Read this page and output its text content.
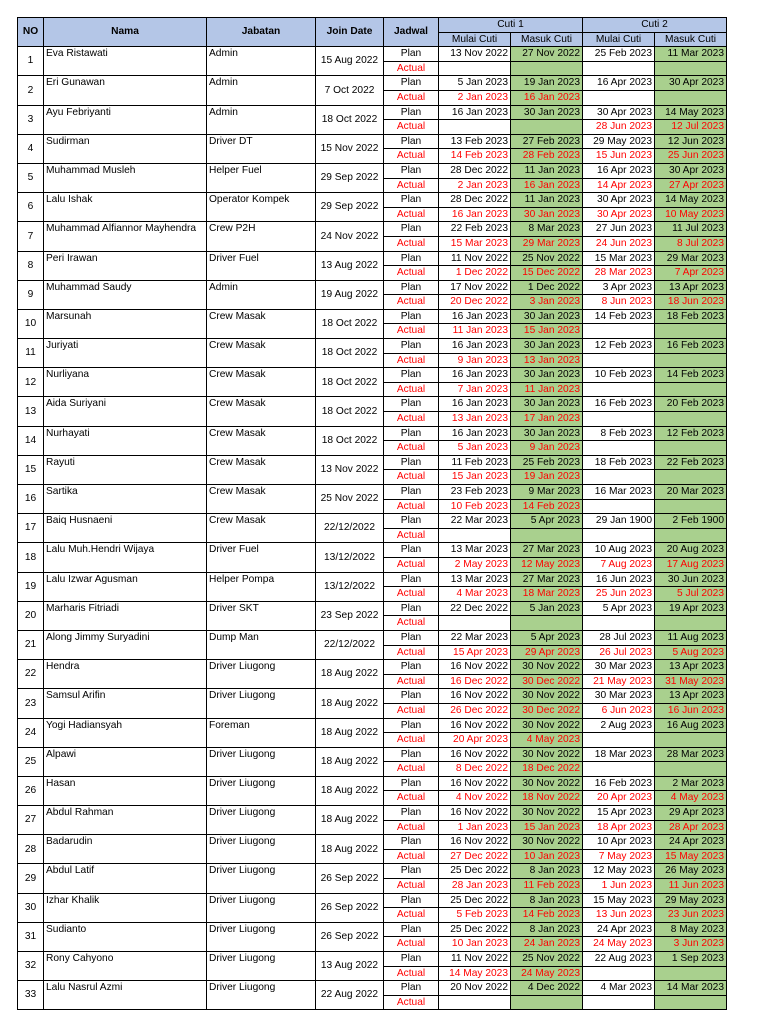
NO	Nama	Jabatan	Join Date	Jadwal	Cuti 1		Cuti 2	
					Mulai Cuti	Masuk Cuti	Mulai Cuti	Masuk Cuti
1	Eva Ristawati	Admin	15 Aug 2022	Plan	13 Nov 2022	27 Nov 2022	25 Feb 2023	11 Mar 2023
				Actual				
2	Eri Gunawan	Admin	7 Oct 2022	Plan	5 Jan 2023	19 Jan 2023	16 Apr 2023	30 Apr 2023
				Actual	2 Jan 2023	16 Jan 2023		
3	Ayu Febriyanti	Admin	18 Oct 2022	Plan	16 Jan 2023	30 Jan 2023	30 Apr 2023	14 May 2023
				Actual			28 Jun 2023	12 Jul 2023
4	Sudirman	Driver DT	15 Nov 2022	Plan	13 Feb 2023	27 Feb 2023	29 May 2023	12 Jun 2023
				Actual	14 Feb 2023	28 Feb 2023	15 Jun 2023	25 Jun 2023
5	Muhammad Musleh	Helper Fuel	29 Sep 2022	Plan	28 Dec 2022	11 Jan 2023	16 Apr 2023	30 Apr 2023
				Actual	2 Jan 2023	16 Jan 2023	14 Apr 2023	27 Apr 2023
6	Lalu Ishak	Operator Kompek	29 Sep 2022	Plan	28 Dec 2022	11 Jan 2023	30 Apr 2023	14 May 2023
				Actual	16 Jan 2023	30 Jan 2023	30 Apr 2023	10 May 2023
7	Muhammad Alfiannor Mayhendra	Crew P2H	24 Nov 2022	Plan	22 Feb 2023	8 Mar 2023	27 Jun 2023	11 Jul 2023
				Actual	15 Mar 2023	29 Mar 2023	24 Jun 2023	8 Jul 2023
8	Peri Irawan	Driver Fuel	13 Aug 2022	Plan	11 Nov 2022	25 Nov 2022	15 Mar 2023	29 Mar 2023
				Actual	1 Dec 2022	15 Dec 2022	28 Mar 2023	7 Apr 2023
9	Muhammad Saudy	Admin	19 Aug 2022	Plan	17 Nov 2022	1 Dec 2022	3 Apr 2023	13 Apr 2023
				Actual	20 Dec 2022	3 Jan 2023	8 Jun 2023	18 Jun 2023
10	Marsunah	Crew Masak	18 Oct 2022	Plan	16 Jan 2023	30 Jan 2023	14 Feb 2023	18 Feb 2023
				Actual	11 Jan 2023	15 Jan 2023		
11	Juriyati	Crew Masak	18 Oct 2022	Plan	16 Jan 2023	30 Jan 2023	12 Feb 2023	16 Feb 2023
				Actual	9 Jan 2023	13 Jan 2023		
12	Nurliyana	Crew Masak	18 Oct 2022	Plan	16 Jan 2023	30 Jan 2023	10 Feb 2023	14 Feb 2023
				Actual	7 Jan 2023	11 Jan 2023		
13	Aida Suriyani	Crew Masak	18 Oct 2022	Plan	16 Jan 2023	30 Jan 2023	16 Feb 2023	20 Feb 2023
				Actual	13 Jan 2023	17 Jan 2023		
14	Nurhayati	Crew Masak	18 Oct 2022	Plan	16 Jan 2023	30 Jan 2023	8 Feb 2023	12 Feb 2023
				Actual	5 Jan 2023	9 Jan 2023		
15	Rayuti	Crew Masak	13 Nov 2022	Plan	11 Feb 2023	25 Feb 2023	18 Feb 2023	22 Feb 2023
				Actual	15 Jan 2023	19 Jan 2023		
16	Sartika	Crew Masak	25 Nov 2022	Plan	23 Feb 2023	9 Mar 2023	16 Mar 2023	20 Mar 2023
				Actual	10 Feb 2023	14 Feb 2023		
17	Baiq Husnaeni	Crew Masak	22/12/2022	Plan	22 Mar 2023	5 Apr 2023	29 Jan 1900	2 Feb 1900
				Actual				
18	Lalu Muh.Hendri Wijaya	Driver Fuel	13/12/2022	Plan	13 Mar 2023	27 Mar 2023	10 Aug 2023	20 Aug 2023
				Actual	2 May 2023	12 May 2023	7 Aug 2023	17 Aug 2023
19	Lalu Izwar Agusman	Helper Pompa	13/12/2022	Plan	13 Mar 2023	27 Mar 2023	16 Jun 2023	30 Jun 2023
				Actual	4 Mar 2023	18 Mar 2023	25 Jun 2023	5 Jul 2023
20	Marharis Fitriadi	Driver SKT	23 Sep 2022	Plan	22 Dec 2022	5 Jan 2023	5 Apr 2023	19 Apr 2023
				Actual				
21	Along Jimmy Suryadini	Dump Man	22/12/2022	Plan	22 Mar 2023	5 Apr 2023	28 Jul 2023	11 Aug 2023
				Actual	15 Apr 2023	29 Apr 2023	26 Jul 2023	5 Aug 2023
22	Hendra	Driver Liugong	18 Aug 2022	Plan	16 Nov 2022	30 Nov 2022	30 Mar 2023	13 Apr 2023
				Actual	16 Dec 2022	30 Dec 2022	21 May 2023	31 May 2023
23	Samsul Arifin	Driver Liugong	18 Aug 2022	Plan	16 Nov 2022	30 Nov 2022	30 Mar 2023	13 Apr 2023
				Actual	26 Dec 2022	30 Dec 2022	6 Jun 2023	16 Jun 2023
24	Yogi Hadiansyah	Foreman	18 Aug 2022	Plan	16 Nov 2022	30 Nov 2022	2 Aug 2023	16 Aug 2023
				Actual	20 Apr 2023	4 May 2023		
25	Alpawi	Driver Liugong	18 Aug 2022	Plan	16 Nov 2022	30 Nov 2022	18 Mar 2023	28 Mar 2023
				Actual	8 Dec 2022	18 Dec 2022		
26	Hasan	Driver Liugong	18 Aug 2022	Plan	16 Nov 2022	30 Nov 2022	16 Feb 2023	2 Mar 2023
				Actual	4 Nov 2022	18 Nov 2022	20 Apr 2023	4 May 2023
27	Abdul Rahman	Driver Liugong	18 Aug 2022	Plan	16 Nov 2022	30 Nov 2022	15 Apr 2023	29 Apr 2023
				Actual	1 Jan 2023	15 Jan 2023	18 Apr 2023	28 Apr 2023
28	Badarudin	Driver Liugong	18 Aug 2022	Plan	16 Nov 2022	30 Nov 2022	10 Apr 2023	24 Apr 2023
				Actual	27 Dec 2022	10 Jan 2023	7 May 2023	15 May 2023
29	Abdul Latif	Driver Liugong	26 Sep 2022	Plan	25 Dec 2022	8 Jan 2023	12 May 2023	26 May 2023
				Actual	28 Jan 2023	11 Feb 2023	1 Jun 2023	11 Jun 2023
30	Izhar Khalik	Driver Liugong	26 Sep 2022	Plan	25 Dec 2022	8 Jan 2023	15 May 2023	29 May 2023
				Actual	5 Feb 2023	14 Feb 2023	13 Jun 2023	23 Jun 2023
31	Sudianto	Driver Liugong	26 Sep 2022	Plan	25 Dec 2022	8 Jan 2023	24 Apr 2023	8 May 2023
				Actual	10 Jan 2023	24 Jan 2023	24 May 2023	3 Jun 2023
32	Rony Cahyono	Driver Liugong	13 Aug 2022	Plan	11 Nov 2022	25 Nov 2022	22 Aug 2023	1 Sep 2023
				Actual	14 May 2023	24 May 2023		
33	Lalu Nasrul Azmi	Driver Liugong	22 Aug 2022	Plan	20 Nov 2022	4 Dec 2022	4 Mar 2023	14 Mar 2023
				Actual				
